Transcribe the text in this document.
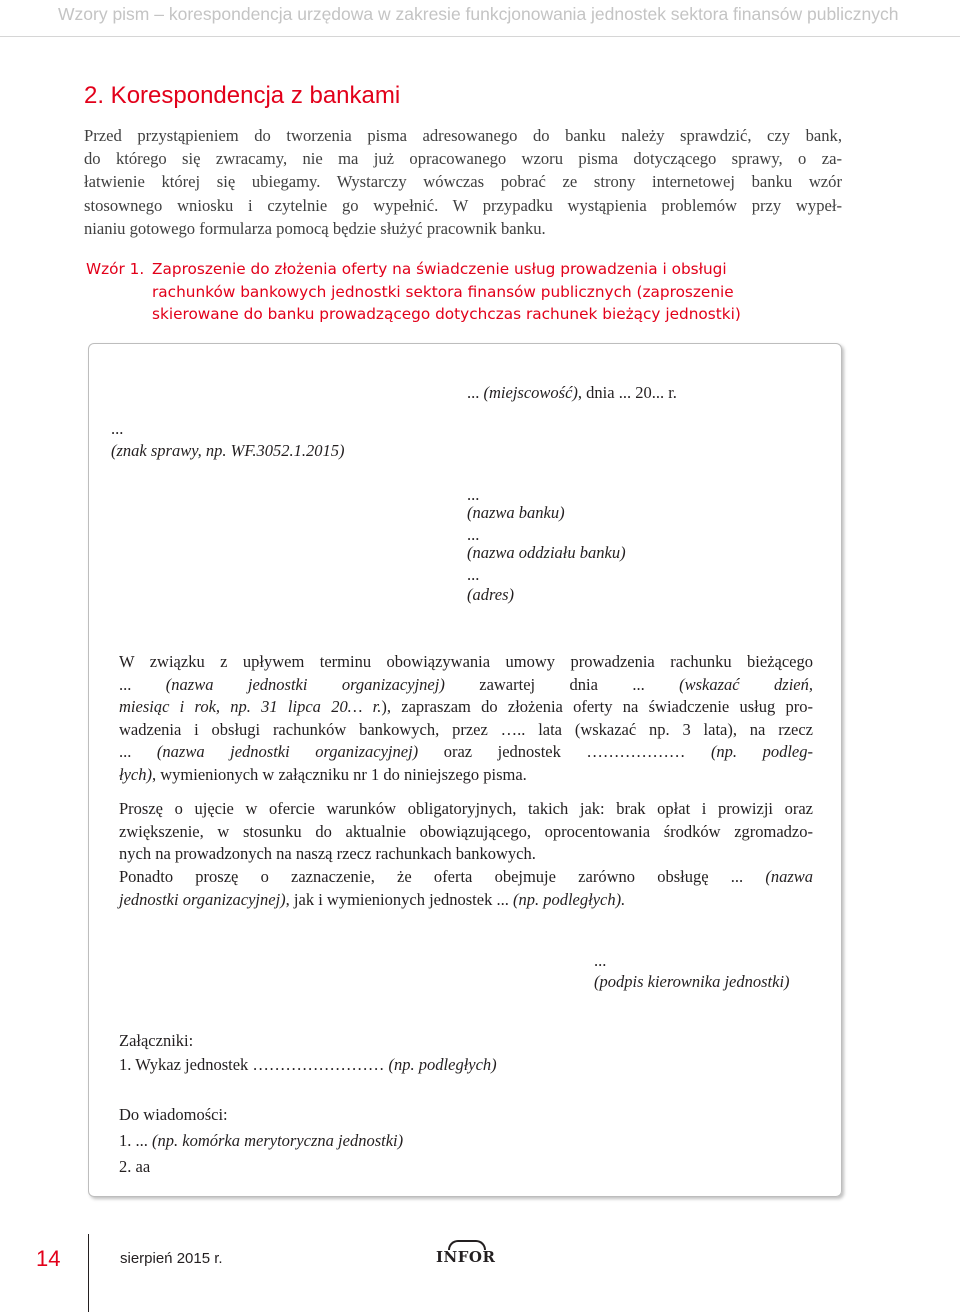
Wzory pism – korespondencja urzędowa w zakresie funkcjonowania jednostek sektora finansów publicznych
2. Korespondencja z bankami
Przed przystąpieniem do tworzenia pisma adresowanego do banku należy sprawdzić, czy bank,
do którego się zwracamy, nie ma już opracowanego wzoru pisma dotyczącego sprawy, o za-
łatwienie której się ubiegamy. Wystarczy wówczas pobrać ze strony internetowej banku wzór
stosownego wniosku i czytelnie go wypełnić. W przypadku wystąpienia problemów przy wypeł-
nianiu gotowego formularza pomocą będzie służyć pracownik banku.
Wzór 1. Zaproszenie do złożenia oferty na świadczenie usług prowadzenia i obsługi
rachunków bankowych jednostki sektora finansów publicznych (zaproszenie
skierowane do banku prowadzącego dotychczas rachunek bieżący jednostki)
... (miejscowość), dnia ... 20... r.
...
(znak sprawy, np. WF.3052.1.2015)
...
(nazwa banku)
...
(nazwa oddziału banku)
...
(adres)
W związku z upływem terminu obowiązywania umowy prowadzenia rachunku bieżącego
... (nazwa jednostki organizacyjnej) zawartej dnia ... (wskazać dzień,
miesiąc i rok, np. 31 lipca 20… r.), zapraszam do złożenia oferty na świadczenie usług pro-
wadzenia i obsługi rachunków bankowych, przez ….. lata (wskazać np. 3 lata), na rzecz
... (nazwa jednostki organizacyjnej) oraz jednostek ……………… (np. podleg-
łych), wymienionych w załączniku nr 1 do niniejszego pisma.
Proszę o ujęcie w ofercie warunków obligatoryjnych, takich jak: brak opłat i prowizji oraz
zwiększenie, w stosunku do aktualnie obowiązującego, oprocentowania środków zgromadzo-
nych na prowadzonych na naszą rzecz rachunkach bankowych.
Ponadto proszę o zaznaczenie, że oferta obejmuje zarówno obsługę ... (nazwa
jednostki organizacyjnej), jak i wymienionych jednostek ... (np. podległych).
...
(podpis kierownika jednostki)
Załączniki:
1. Wykaz jednostek …………………… (np. podległych)
Do wiadomości:
1. ... (np. komórka merytoryczna jednostki)
2. aa
14	sierpień 2015 r.	INFOR
